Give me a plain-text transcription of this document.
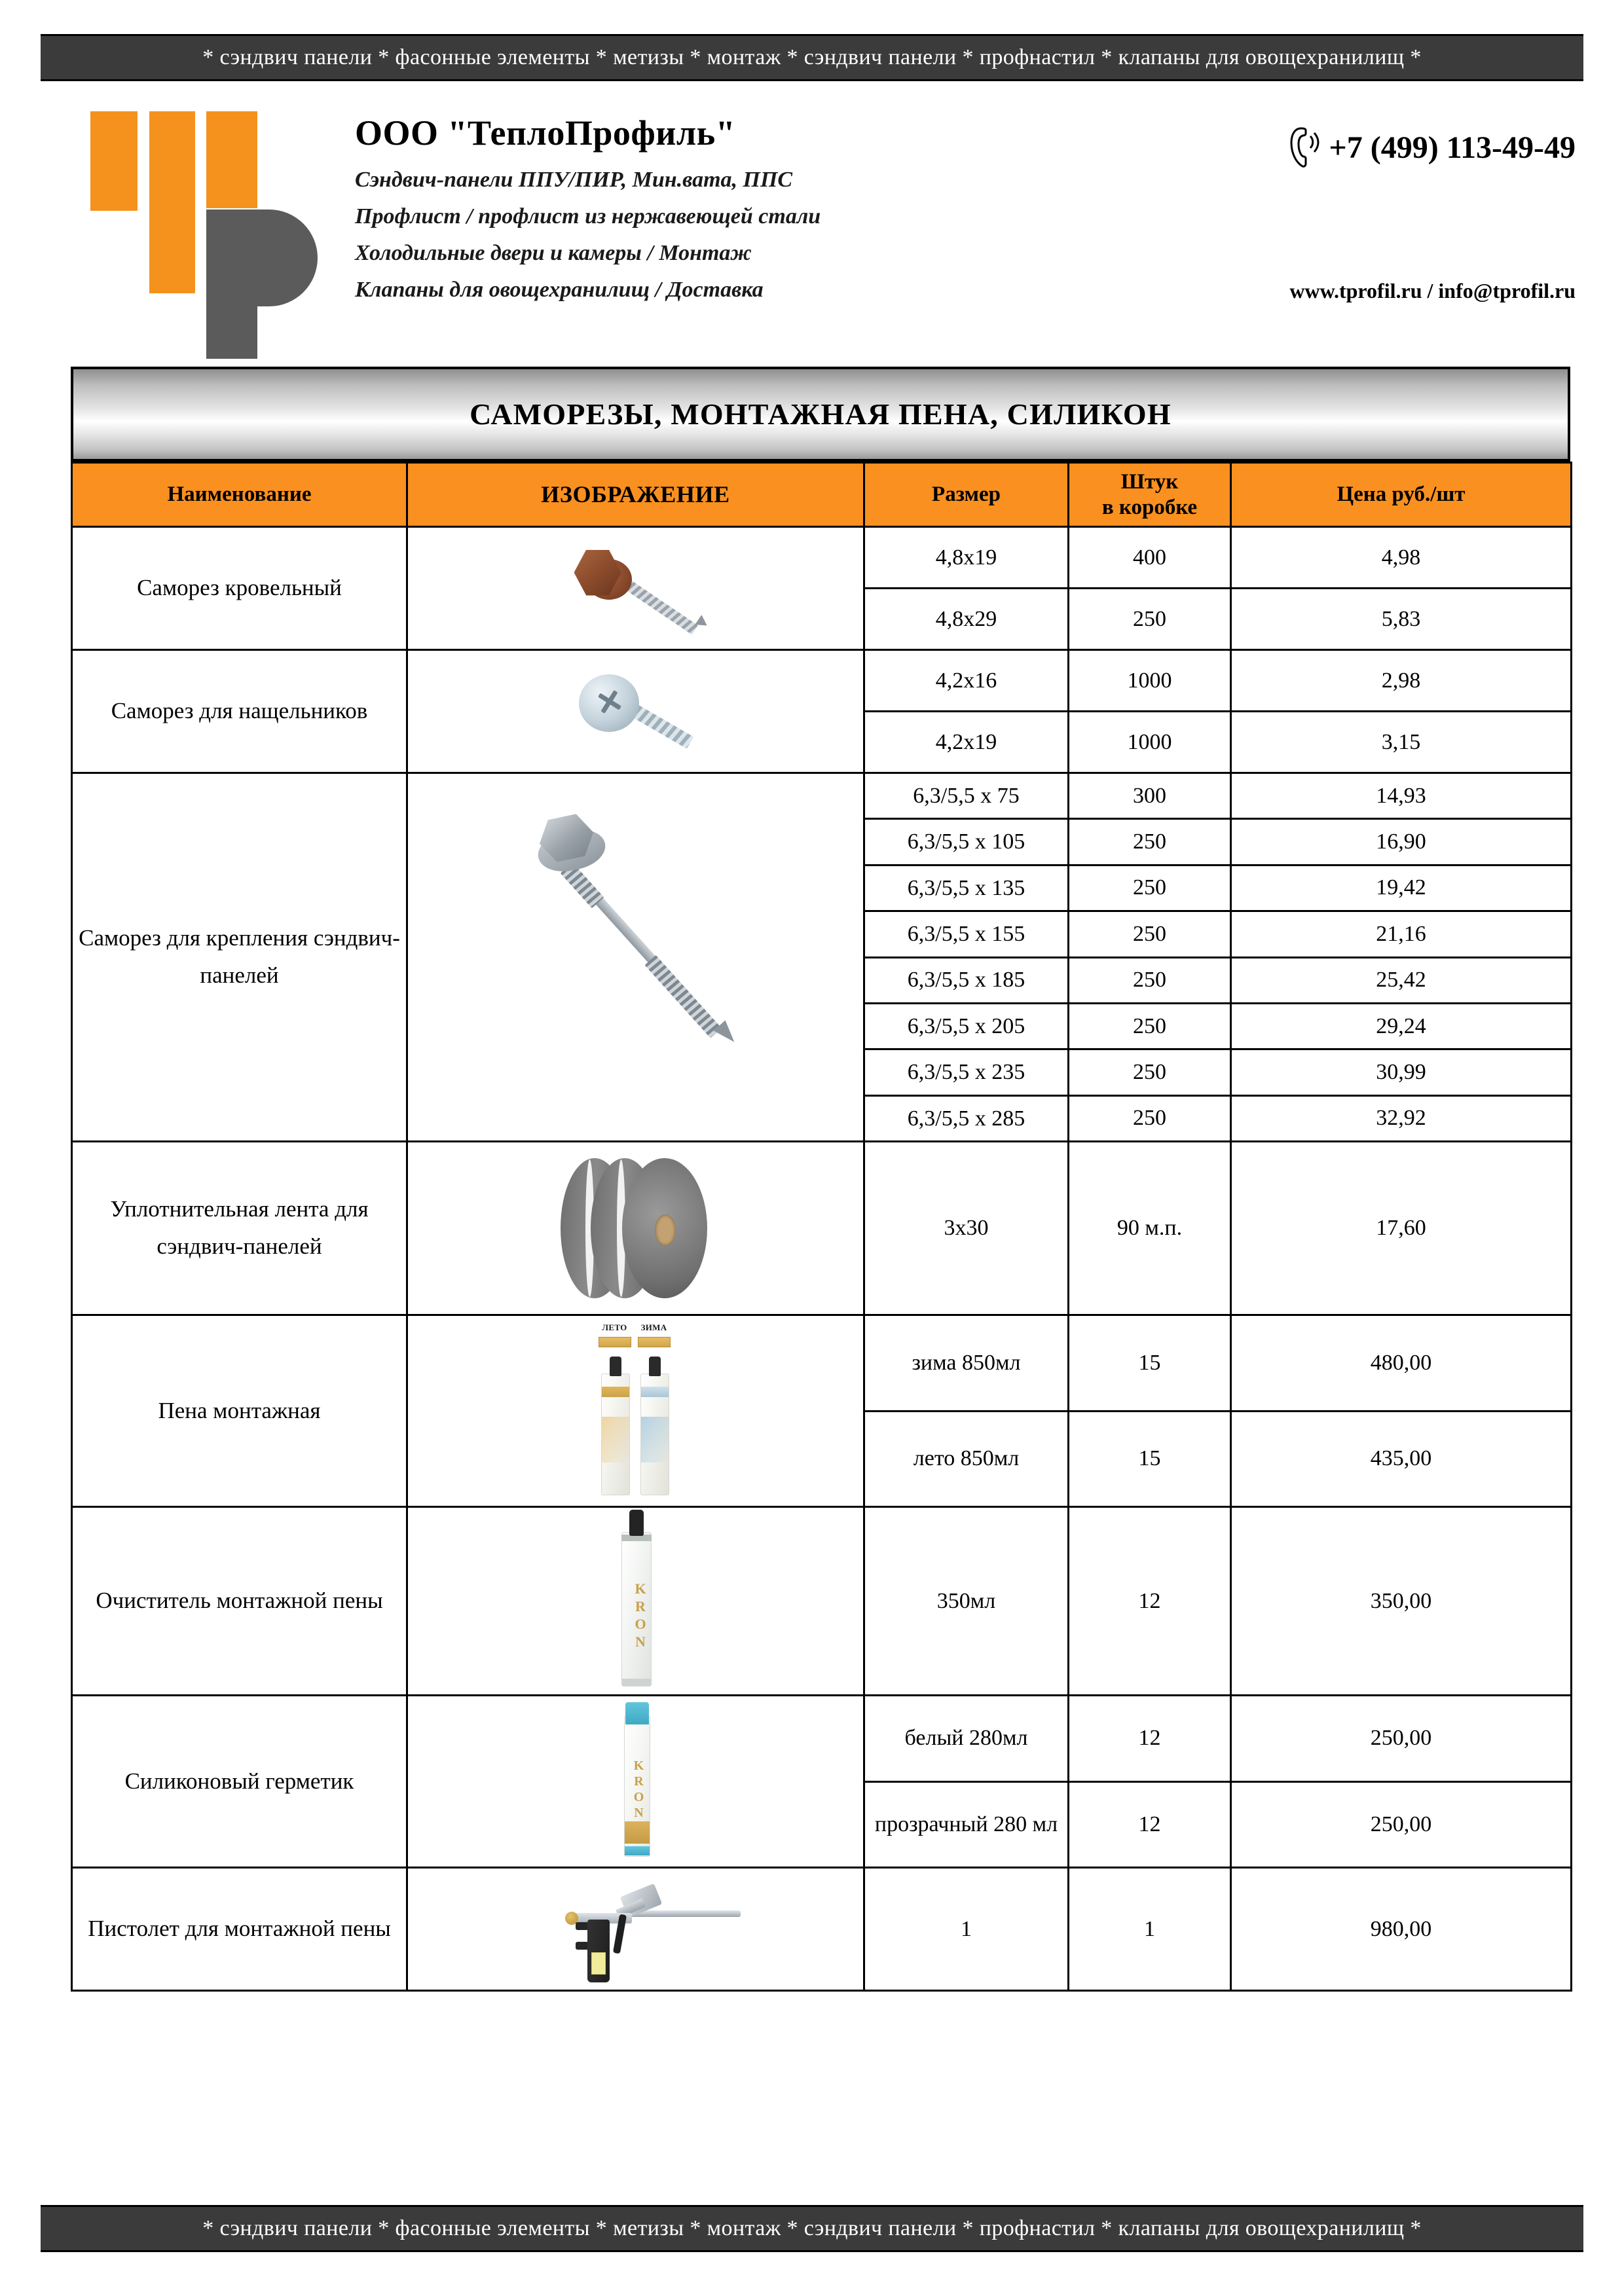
* сэндвич панели * фасонные элементы * метизы * монтаж * сэндвич панели * профнастил * клапаны для овощехранилищ *
ООО "ТеплоПрофиль"
Сэндвич-панели ППУ/ПИР, Мин.вата, ППС
Профлист / профлист из нержавеющей стали
Холодильные двери и камеры / Монтаж
Клапаны для овощехранилищ / Доставка
+7 (499) 113-49-49
www.tprofil.ru / info@tprofil.ru
САМОРЕЗЫ, МОНТАЖНАЯ ПЕНА, СИЛИКОН
Наименование	ИЗОБРАЖЕНИЕ	Размер	Штук
в коробке	Цена руб./шт
Саморез кровельный		4,8х19	400	4,98
		4,8х29	250	5,83
Саморез для нащельников		4,2х16	1000	2,98
		4,2х19	1000	3,15
Саморез для крепления сэндвич-панелей		6,3/5,5 х 75	300	14,93
		6,3/5,5 х 105	250	16,90
		6,3/5,5 х 135	250	19,42
		6,3/5,5 х 155	250	21,16
		6,3/5,5 х 185	250	25,42
		6,3/5,5 х 205	250	29,24
		6,3/5,5 х 235	250	30,99
		6,3/5,5 х 285	250	32,92
Уплотнительная лента для сэндвич-панелей		3х30	90 м.п.	17,60
Пена монтажная	ЛЕТО ЗИМА	зима 850мл	15	480,00
		лето 850мл	15	435,00
Очиститель монтажной пены	KRON	350мл	12	350,00
Силиконовый герметик	KRON	белый 280мл	12	250,00
		прозрачный 280 мл	12	250,00
Пистолет для монтажной пены		1	1	980,00
* сэндвич панели * фасонные элементы * метизы * монтаж * сэндвич панели * профнастил * клапаны для овощехранилищ *
